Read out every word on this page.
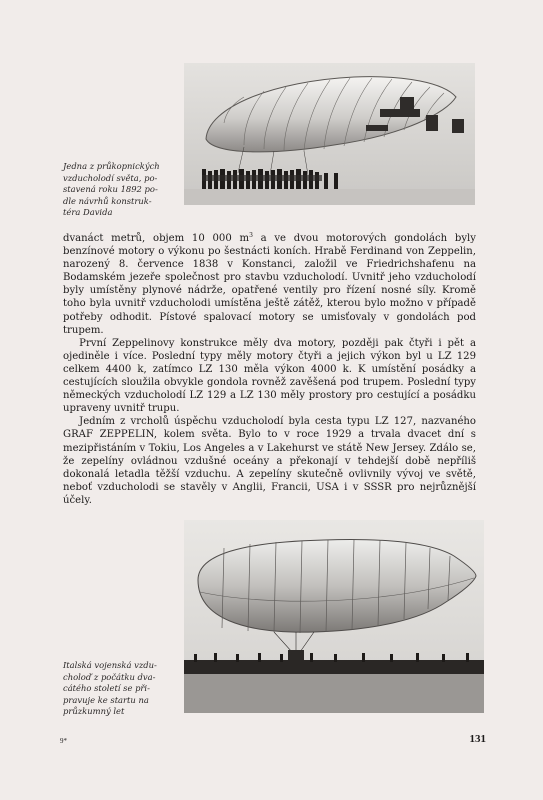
Jedna z průkopnických
vzducholodí světa, po-
stavená roku 1892 po-
dle návrhů konstruk-
téra Davida

dvanáct metrů, objem 10 000 $m^3$ a ve dvou motorových gondolách byly benzínové motory o výkonu po šestnácti koních. Hrabě Ferdinand von Zeppelin, narozený 8. července 1838 v Konstanci, založil ve Friedrichshafenu na Bodamském jezeře společnost pro stavbu vzducholodí. Uvnitř jeho vzducholodí byly umístěny plynové nádrže, opatřené ventily pro řízení nosné síly. Kromě toho byla uvnitř vzducholodi umístěna ještě zátěž, kterou bylo možno v případě potřeby odhodit. Pístové spalovací motory se umisťovaly v gondolách pod trupem.

První Zeppelinovy konstrukce měly dva motory, později pak čtyři i pět a ojediněle i více. Poslední typy měly motory čtyři a jejich výkon byl u LZ 129 celkem 4400 k, zatímco LZ 130 měla výkon 4000 k. K umístění posádky a cestujících sloužila obvykle gondola rovněž zavěšená pod trupem. Poslední typy německých vzducholodí LZ 129 a LZ 130 měly prostory pro cestující a posádku upraveny uvnitř trupu.

Jedním z vrcholů úspěchu vzducholodí byla cesta typu LZ 127, nazvaného GRAF ZEPPELIN, kolem světa. Bylo to v roce 1929 a trvala dvacet dní s mezipřistáním v Tokiu, Los Angeles a v Lakehurst ve státě New Jersey. Zdálo se, že zepelíny ovládnou vzdušné oceány a překonají v tehdejší době nepříliš dokonalá letadla těžší vzduchu. A zepelíny skutečně ovlivnily vývoj ve světě, neboť vzducholodi se stavěly v Anglii, Francii, USA i v SSSR pro nejrůznější účely.

Italská vojenská vzdu-
choloď z počátku dva-
cátého století se při-
pravuje ke startu na
průzkumný let
9*	131
